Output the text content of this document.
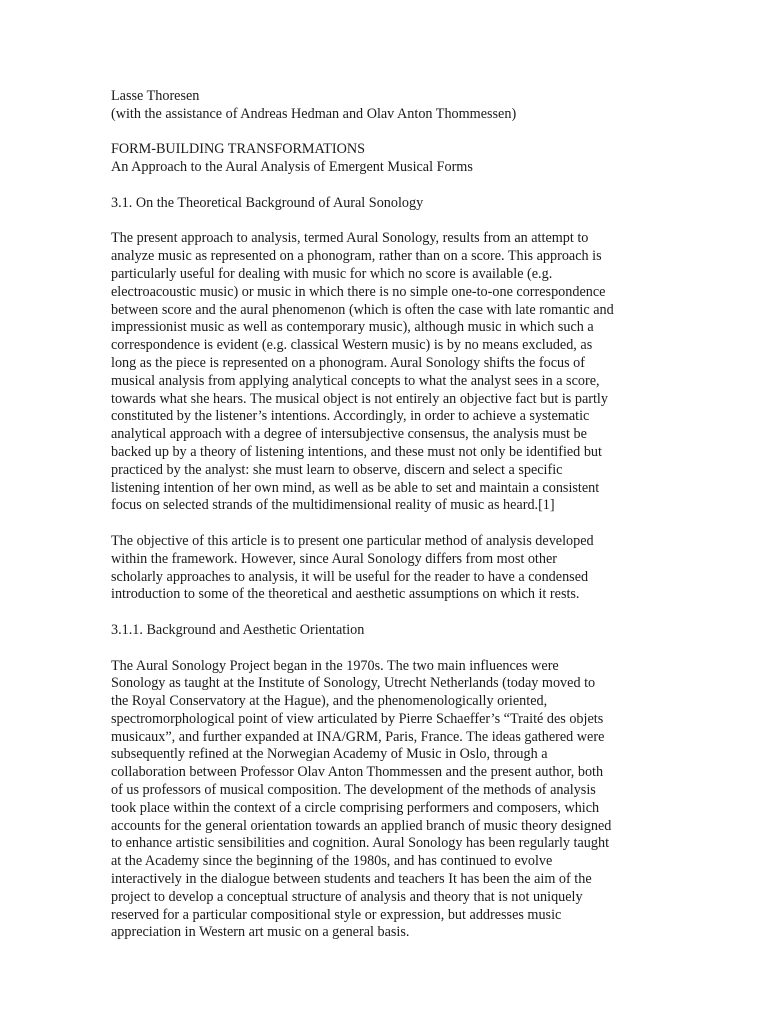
Lasse Thoresen
(with the assistance of Andreas Hedman and Olav Anton Thommessen)
FORM-BUILDING TRANSFORMATIONS
An Approach to the Aural Analysis of Emergent Musical Forms
3.1. On the Theoretical Background of Aural Sonology
The present approach to analysis, termed Aural Sonology, results from an attempt to
analyze music as represented on a phonogram, rather than on a score. This approach is
particularly useful for dealing with music for which no score is available (e.g.
electroacoustic music) or music in which there is no simple one-to-one correspondence
between score and the aural phenomenon (which is often the case with late romantic and
impressionist music as well as contemporary music), although music in which such a
correspondence is evident (e.g. classical Western music) is by no means excluded, as
long as the piece is represented on a phonogram. Aural Sonology shifts the focus of
musical analysis from applying analytical concepts to what the analyst sees in a score,
towards what she hears. The musical object is not entirely an objective fact but is partly
constituted by the listener’s intentions. Accordingly, in order to achieve a systematic
analytical approach with a degree of intersubjective consensus, the analysis must be
backed up by a theory of listening intentions, and these must not only be identified but
practiced by the analyst: she must learn to observe, discern and select a specific
listening intention of her own mind, as well as be able to set and maintain a consistent
focus on selected strands of the multidimensional reality of music as heard.[1]
The objective of this article is to present one particular method of analysis developed
within the framework. However, since Aural Sonology differs from most other
scholarly approaches to analysis, it will be useful for the reader to have a condensed
introduction to some of the theoretical and aesthetic assumptions on which it rests.
3.1.1. Background and Aesthetic Orientation
The Aural Sonology Project began in the 1970s. The two main influences were
Sonology as taught at the Institute of Sonology, Utrecht Netherlands (today moved to
the Royal Conservatory at the Hague), and the phenomenologically oriented,
spectromorphological point of view articulated by Pierre Schaeffer’s “Traité des objets
musicaux”, and further expanded at INA/GRM, Paris, France. The ideas gathered were
subsequently refined at the Norwegian Academy of Music in Oslo, through a
collaboration between Professor Olav Anton Thommessen and the present author, both
of us professors of musical composition. The development of the methods of analysis
took place within the context of a circle comprising performers and composers, which
accounts for the general orientation towards an applied branch of music theory designed
to enhance artistic sensibilities and cognition. Aural Sonology has been regularly taught
at the Academy since the beginning of the 1980s, and has continued to evolve
interactively in the dialogue between students and teachers It has been the aim of the
project to develop a conceptual structure of analysis and theory that is not uniquely
reserved for a particular compositional style or expression, but addresses music
appreciation in Western art music on a general basis.
